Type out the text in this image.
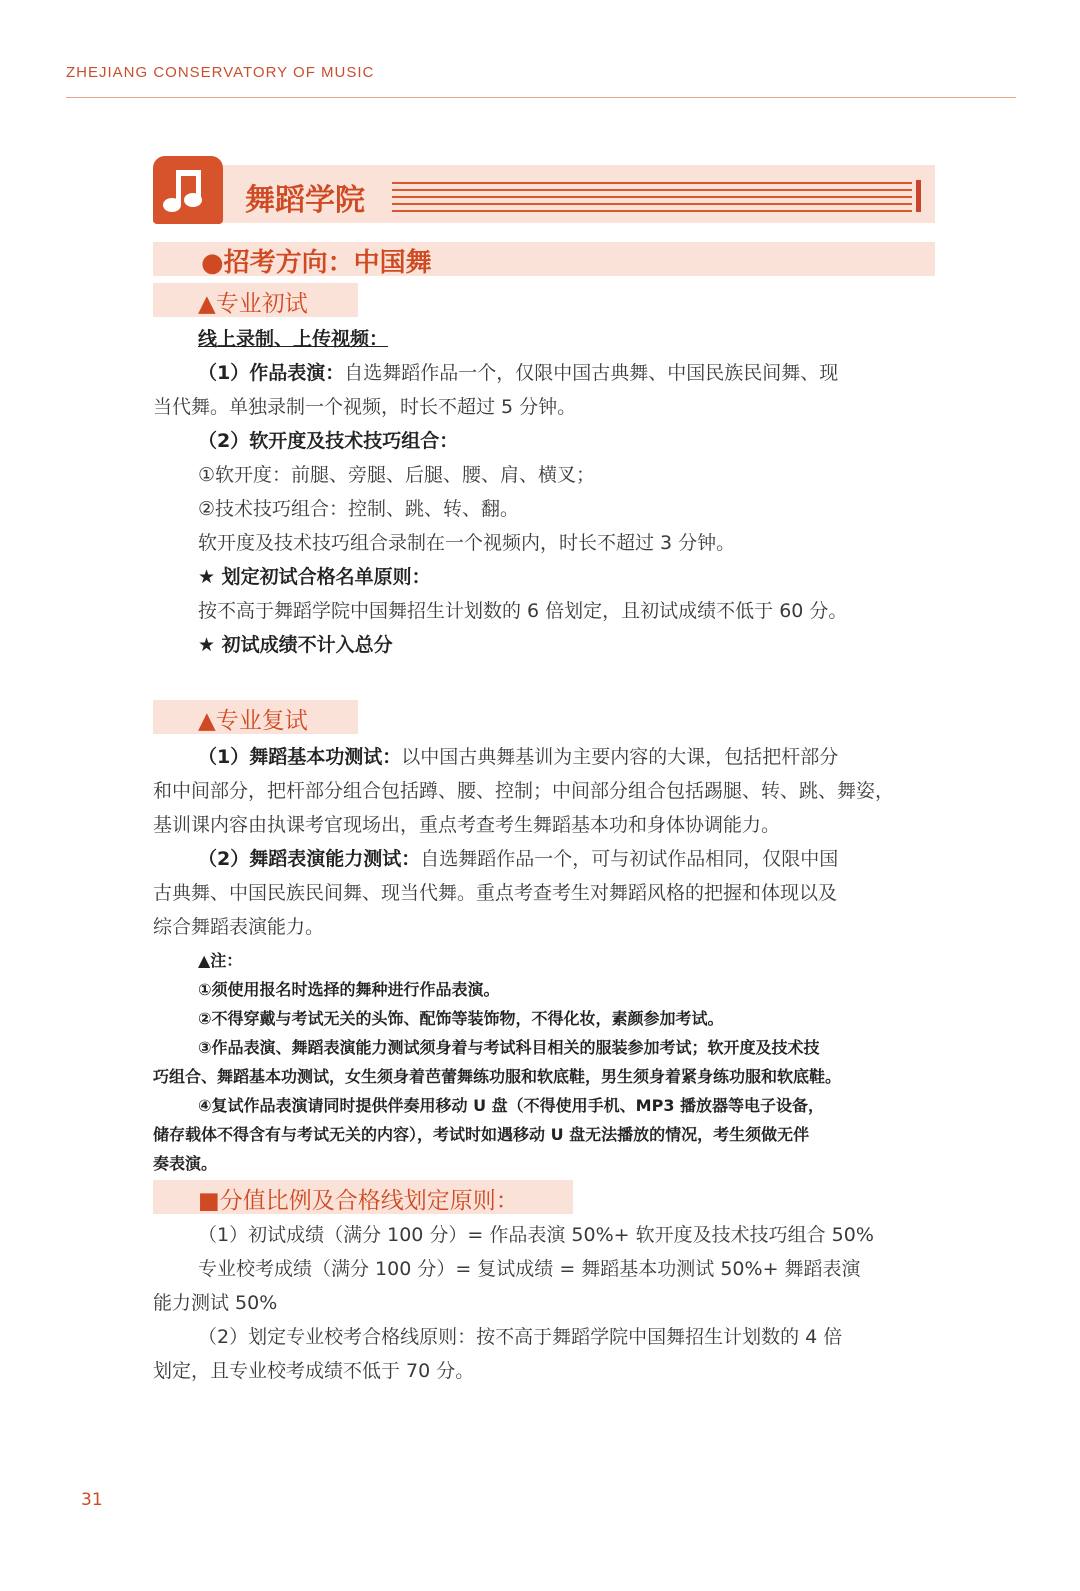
ZHEJIANG CONSERVATORY OF MUSIC
舞蹈学院
●招考方向：中国舞
▲专业初试
线上录制、上传视频：
（1）作品表演：自选舞蹈作品一个，仅限中国古典舞、中国民族民间舞、现
当代舞。单独录制一个视频，时长不超过 5 分钟。
（2）软开度及技术技巧组合：
①软开度：前腿、旁腿、后腿、腰、肩、横叉；
②技术技巧组合：控制、跳、转、翻。
软开度及技术技巧组合录制在一个视频内，时长不超过 3 分钟。
★ 划定初试合格名单原则：
按不高于舞蹈学院中国舞招生计划数的 6 倍划定，且初试成绩不低于 60 分。
★ 初试成绩不计入总分
▲专业复试
（1）舞蹈基本功测试：以中国古典舞基训为主要内容的大课，包括把杆部分
和中间部分，把杆部分组合包括蹲、腰、控制；中间部分组合包括踢腿、转、跳、舞姿，
基训课内容由执课考官现场出，重点考查考生舞蹈基本功和身体协调能力。
（2）舞蹈表演能力测试：自选舞蹈作品一个，可与初试作品相同，仅限中国
古典舞、中国民族民间舞、现当代舞。重点考查考生对舞蹈风格的把握和体现以及
综合舞蹈表演能力。
▲注：
①须使用报名时选择的舞种进行作品表演。
②不得穿戴与考试无关的头饰、配饰等装饰物，不得化妆，素颜参加考试。
③作品表演、舞蹈表演能力测试须身着与考试科目相关的服装参加考试；软开度及技术技
巧组合、舞蹈基本功测试，女生须身着芭蕾舞练功服和软底鞋，男生须身着紧身练功服和软底鞋。
④复试作品表演请同时提供伴奏用移动 U 盘（不得使用手机、MP3 播放器等电子设备，
储存载体不得含有与考试无关的内容），考试时如遇移动 U 盘无法播放的情况，考生须做无伴
奏表演。
■分值比例及合格线划定原则：
（1）初试成绩（满分 100 分）= 作品表演 50%+ 软开度及技术技巧组合 50%
专业校考成绩（满分 100 分）= 复试成绩 = 舞蹈基本功测试 50%+ 舞蹈表演
能力测试 50%
（2）划定专业校考合格线原则：按不高于舞蹈学院中国舞招生计划数的 4 倍
划定，且专业校考成绩不低于 70 分。
31
